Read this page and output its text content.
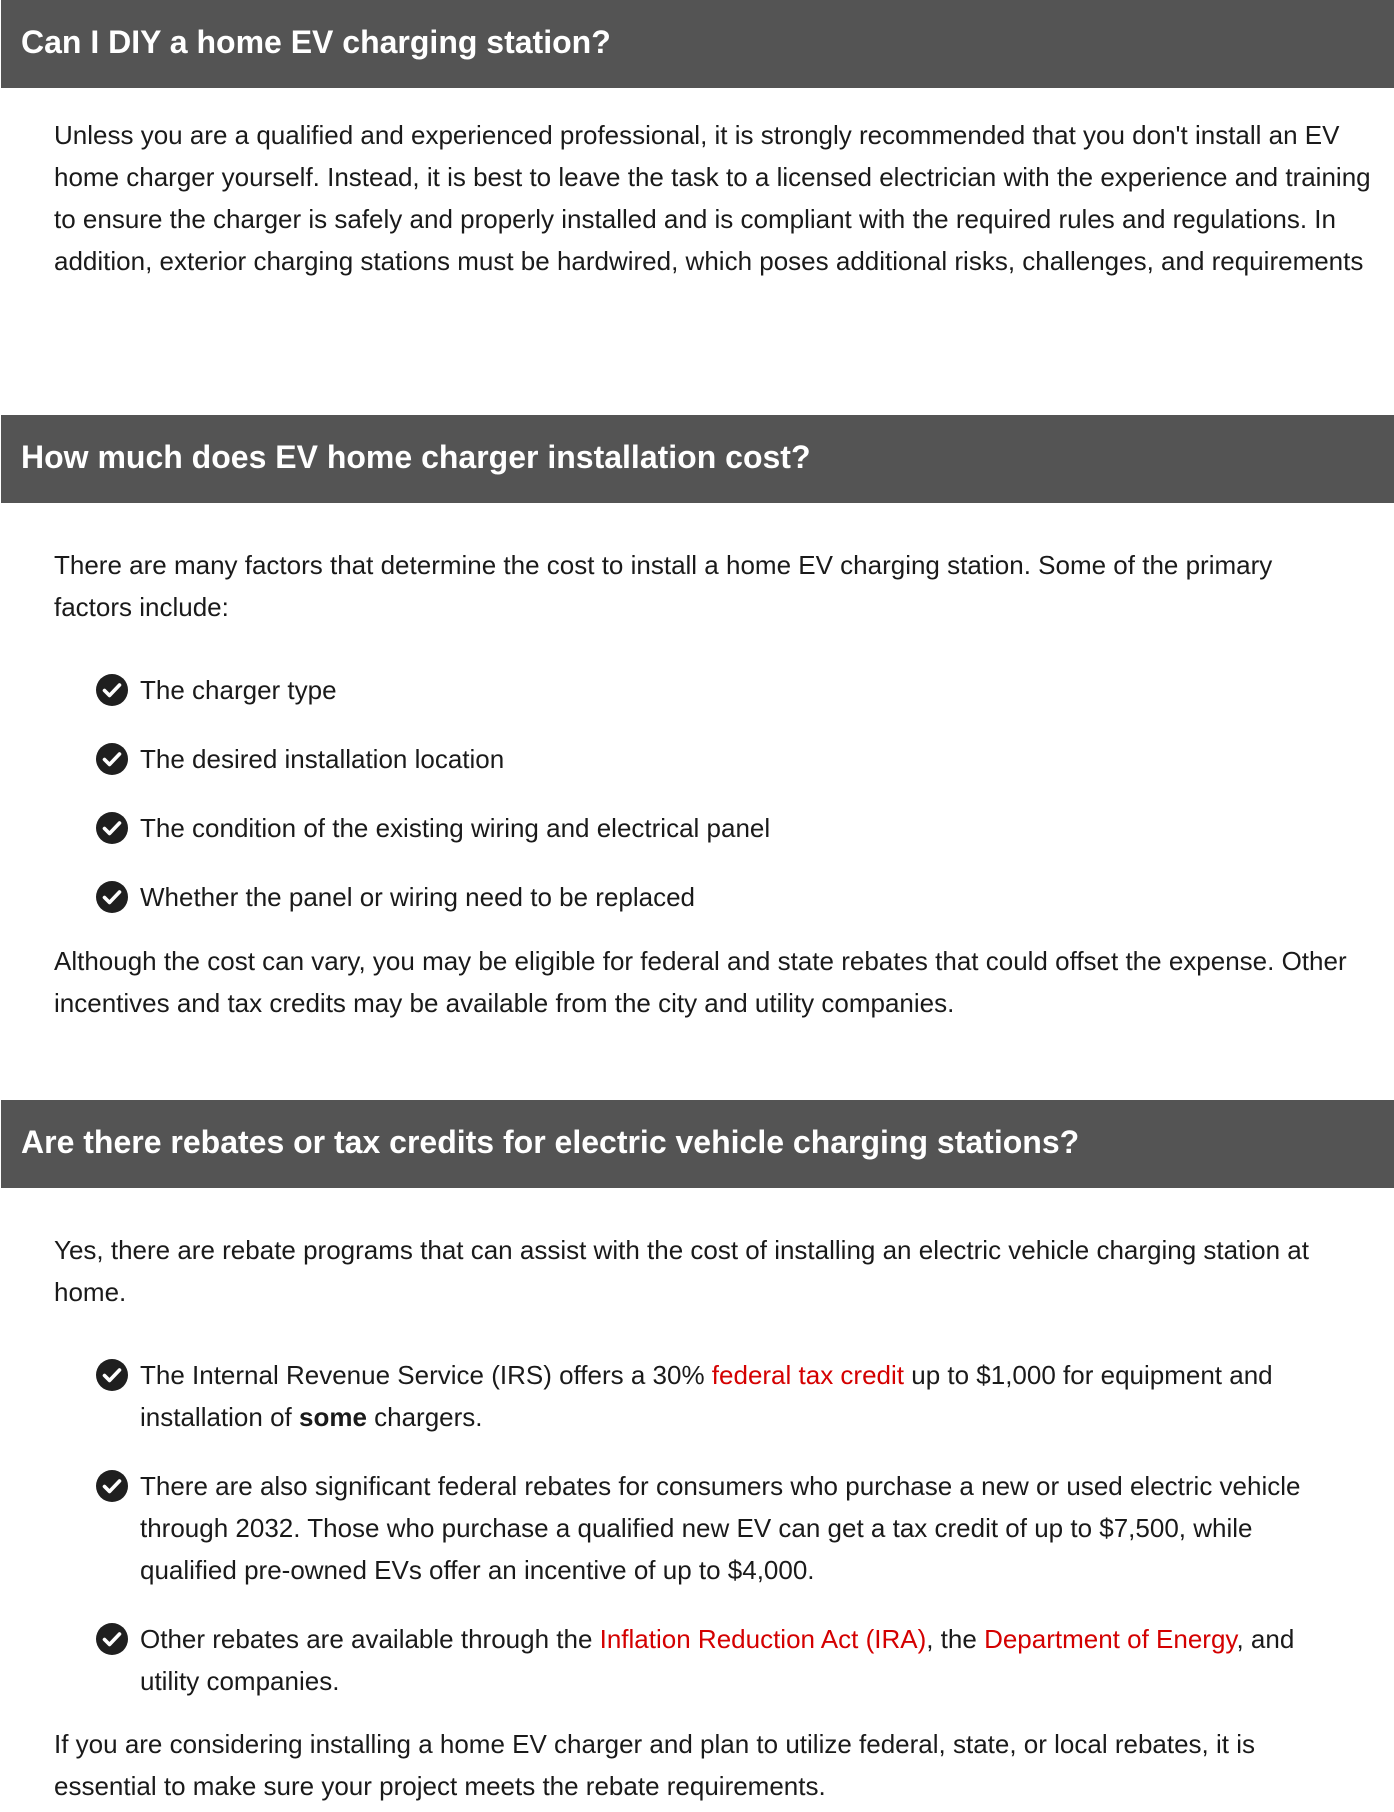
Can I DIY a home EV charging station?

Unless you are a qualified and experienced professional, it is strongly recommended that you don't install an EV home charger yourself. Instead, it is best to leave the task to a licensed electrician with the experience and training to ensure the charger is safely and properly installed and is compliant with the required rules and regulations. In addition, exterior charging stations must be hardwired, which poses additional risks, challenges, and requirements

How much does EV home charger installation cost?

There are many factors that determine the cost to install a home EV charging station. Some of the primary factors include:

The charger type
The desired installation location
The condition of the existing wiring and electrical panel
Whether the panel or wiring need to be replaced

Although the cost can vary, you may be eligible for federal and state rebates that could offset the expense. Other incentives and tax credits may be available from the city and utility companies.

Are there rebates or tax credits for electric vehicle charging stations?

Yes, there are rebate programs that can assist with the cost of installing an electric vehicle charging station at home.

The Internal Revenue Service (IRS) offers a 30% federal tax credit up to $1,000 for equipment and installation of some chargers.
There are also significant federal rebates for consumers who purchase a new or used electric vehicle through 2032. Those who purchase a qualified new EV can get a tax credit of up to $7,500, while qualified pre-owned EVs offer an incentive of up to $4,000.
Other rebates are available through the Inflation Reduction Act (IRA), the Department of Energy, and utility companies.

If you are considering installing a home EV charger and plan to utilize federal, state, or local rebates, it is essential to make sure your project meets the rebate requirements.
